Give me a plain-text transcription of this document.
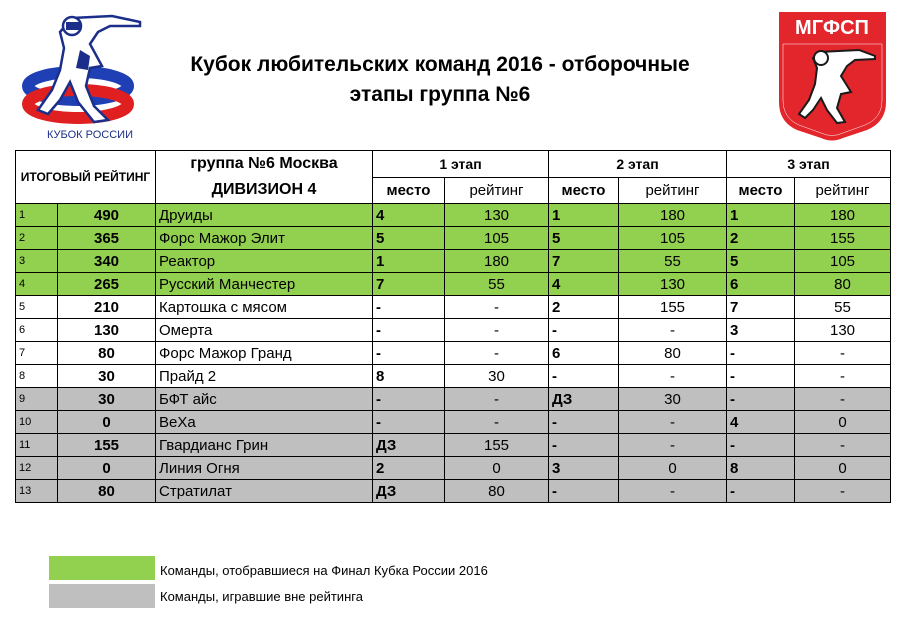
КУБОК РОССИИ
МГФСП
Кубок любительских команд 2016 - отборочные
этапы группа №6
ИТОГОВЫЙ РЕЙТИНГ		группа №6 Москва
ДИВИЗИОН 4	1 этап		2 этап		3 этап	
			место	рейтинг	место	рейтинг	место	рейтинг
1	490	Друиды	4	130	1	180	1	180
2	365	Форс Мажор Элит	5	105	5	105	2	155
3	340	Реактор	1	180	7	55	5	105
4	265	Русский Манчестер	7	55	4	130	6	80
5	210	Картошка с мясом	-	-	2	155	7	55
6	130	Омерта	-	-	-	-	3	130
7	80	Форс Мажор Гранд	-	-	6	80	-	-
8	30	Прайд 2	8	30	-	-	-	-
9	30	БФТ айс	-	-	ДЗ	30	-	-
10	0	ВеХа	-	-	-	-	4	0
11	155	Гвардианс Грин	ДЗ	155	-	-	-	-
12	0	Линия Огня	2	0	3	0	8	0
13	80	Стратилат	ДЗ	80	-	-	-	-
Команды, отобравшиеся на Финал Кубка России 2016
Команды, игравшие вне рейтинга
